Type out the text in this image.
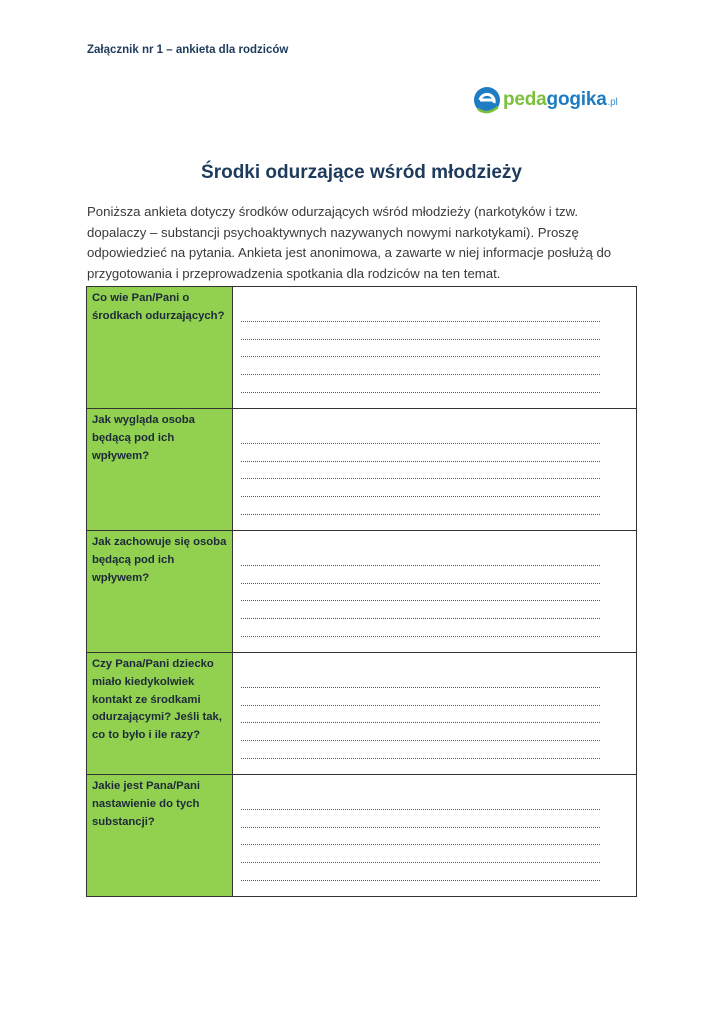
Załącznik nr 1 – ankieta dla rodziców
peda gogika .pl
Środki odurzające wśród młodzieży
Poniższa ankieta dotyczy środków odurzających wśród młodzieży (narkotyków i tzw. dopalaczy – substancji psychoaktywnych nazywanych nowymi narkotykami). Proszę odpowiedzieć na pytania. Ankieta jest anonimowa, a zawarte w niej informacje posłużą do przygotowania i przeprowadzenia spotkania dla rodziców na ten temat.
Co wie Pan/Pani o środkach odurzających?	

Jak wygląda osoba będącą pod ich wpływem?	

Jak zachowuje się osoba będącą pod ich wpływem?	

Czy Pana/Pani dziecko miało kiedykolwiek kontakt ze środkami odurzającymi? Jeśli tak, co to było i ile razy?	

Jakie jest Pana/Pani nastawienie do tych substancji?	
